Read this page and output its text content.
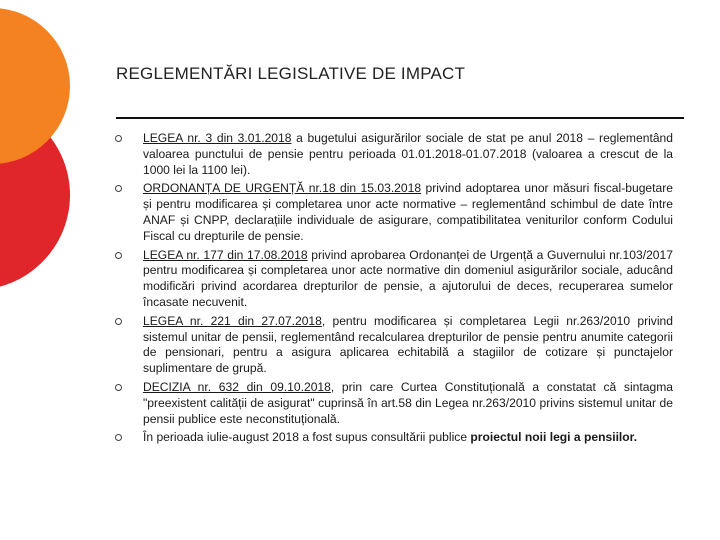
REGLEMENTĂRI LEGISLATIVE DE IMPACT
LEGEA nr. 3 din 3.01.2018 a bugetului asigurărilor sociale de stat pe anul 2018 – reglementând valoarea punctului de pensie pentru perioada 01.01.2018-01.07.2018 (valoarea a crescut de la 1000 lei la 1100 lei).
ORDONANȚA DE URGENȚĂ nr.18 din 15.03.2018 privind adoptarea unor măsuri fiscal-bugetare și pentru modificarea și completarea unor acte normative – reglementând schimbul de date între ANAF și CNPP, declarațiile individuale de asigurare, compatibilitatea veniturilor conform Codului Fiscal cu drepturile de pensie.
LEGEA nr. 177 din 17.08.2018 privind aprobarea Ordonanței de Urgență a Guvernului nr.103/2017 pentru modificarea și completarea unor acte normative din domeniul asigurărilor sociale, aducând modificări privind acordarea drepturilor de pensie, a ajutorului de deces, recuperarea sumelor încasate necuvenit.
LEGEA nr. 221 din 27.07.2018, pentru modificarea și completarea Legii nr.263/2010 privind sistemul unitar de pensii, reglementând recalcularea drepturilor de pensie pentru anumite categorii de pensionari, pentru a asigura aplicarea echitabilă a stagiilor de cotizare și punctajelor suplimentare de grupă.
DECIZIA nr. 632 din 09.10.2018, prin care Curtea Constituțională a constatat că sintagma "preexistent calității de asigurat" cuprinsă în art.58 din Legea nr.263/2010 privins sistemul unitar de pensii publice este neconstituțională.
În perioada iulie-august 2018 a fost supus consultării publice proiectul noii legi a pensiilor.
